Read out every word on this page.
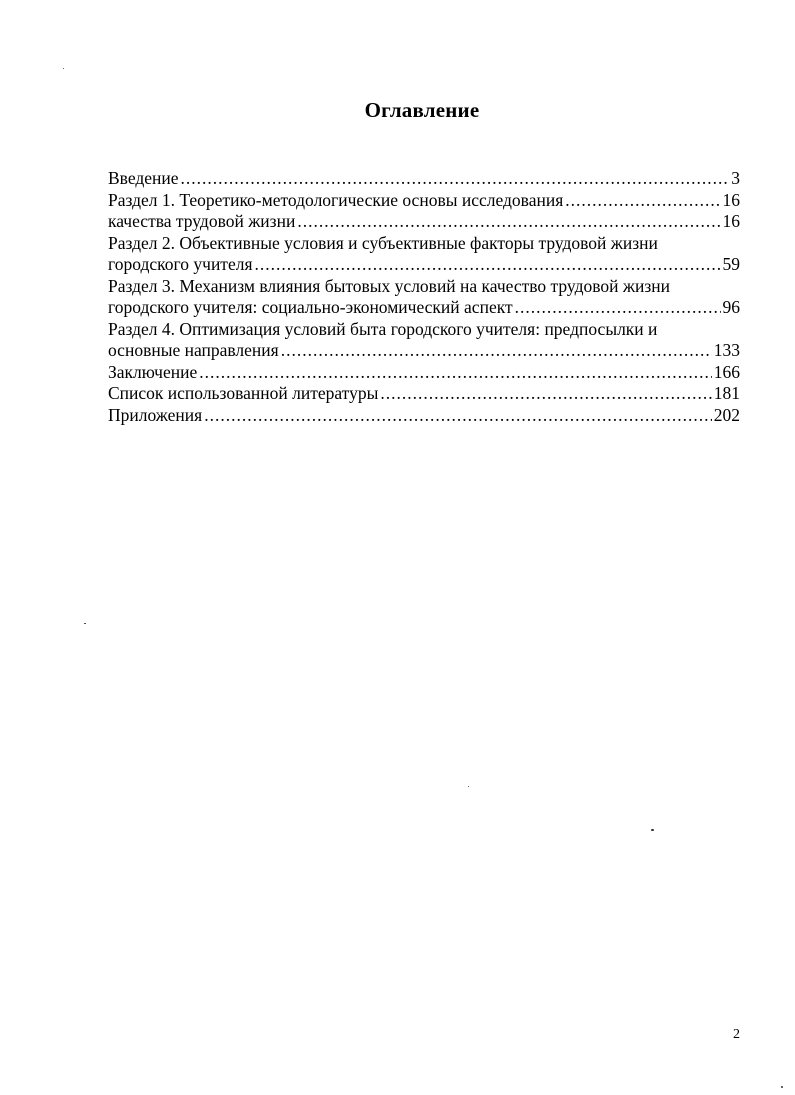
Оглавление
Введение .....	3
Раздел 1. Теоретико-методологические основы исследования .....	16
качества трудовой жизни .....	16
Раздел 2. Объективные условия и субъективные факторы трудовой жизни
городского учителя .....	59
Раздел 3. Механизм влияния бытовых условий на качество трудовой жизни
городского учителя: социально-экономический аспект .....	96
Раздел 4. Оптимизация условий быта городского учителя: предпосылки и
основные направления .....	133
Заключение .....	166
Список использованной литературы .....	181
Приложения .....	202
2
